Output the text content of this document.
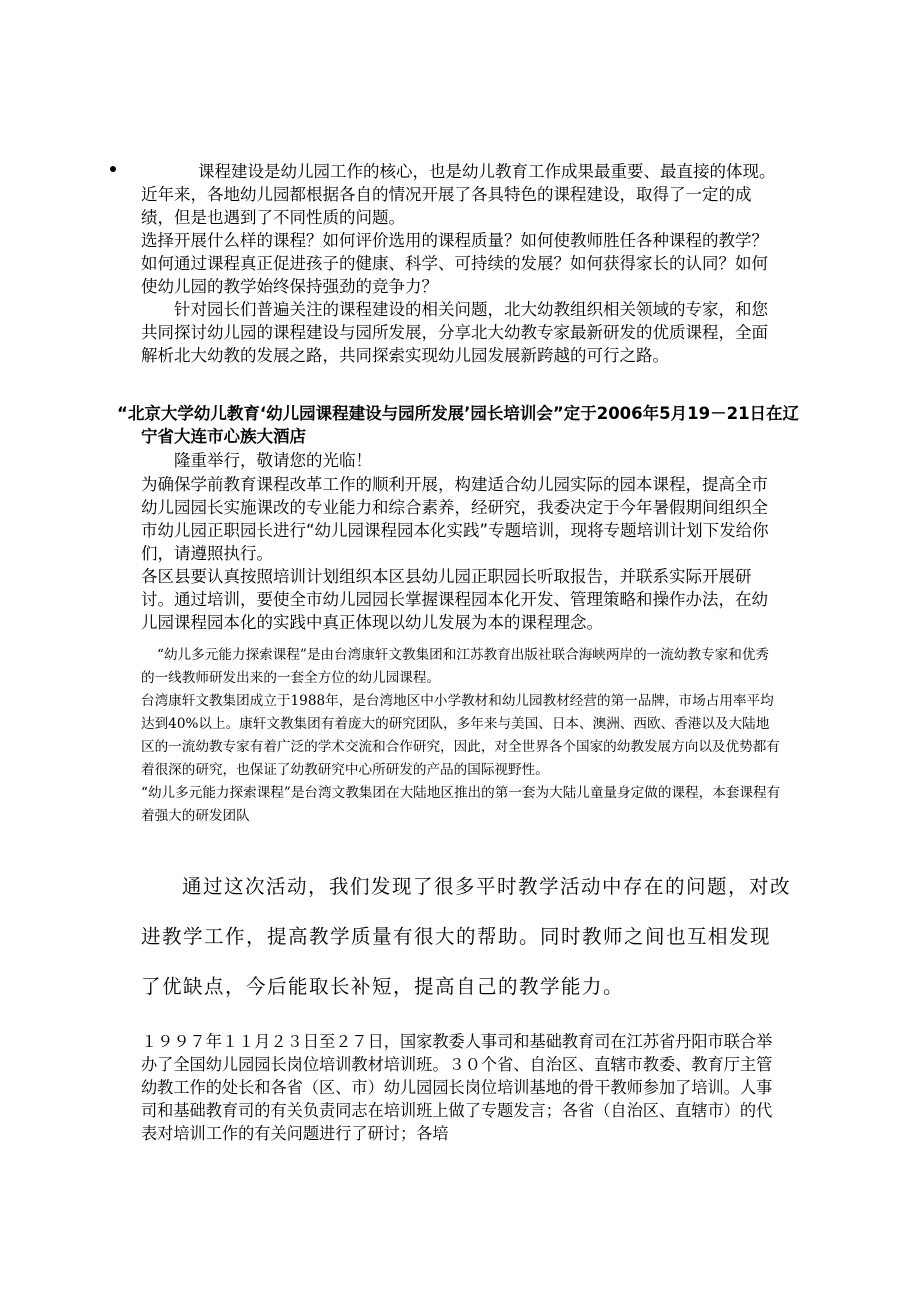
课程建设是幼儿园工作的核心，也是幼儿教育工作成果最重要、最直接的体现。近年来，各地幼儿园都根据各自的情况开展了各具特色的课程建设，取得了一定的成绩，但是也遇到了不同性质的问题。

选择开展什么样的课程？如何评价选用的课程质量？如何使教师胜任各种课程的教学？如何通过课程真正促进孩子的健康、科学、可持续的发展？如何获得家长的认同？如何使幼儿园的教学始终保持强劲的竞争力？

针对园长们普遍关注的课程建设的相关问题，北大幼教组织相关领域的专家，和您共同探讨幼儿园的课程建设与园所发展，分享北大幼教专家最新研发的优质课程，全面解析北大幼教的发展之路，共同探索实现幼儿园发展新跨越的可行之路。

“北京大学幼儿教育‘幼儿园课程建设与园所发展’园长培训会”定于2006年5月19－21日在辽宁省大连市心族大酒店
隆重举行，敬请您的光临！

为确保学前教育课程改革工作的顺利开展，构建适合幼儿园实际的园本课程，提高全市幼儿园园长实施课改的专业能力和综合素养，经研究，我委决定于今年暑假期间组织全市幼儿园正职园长进行“幼儿园课程园本化实践”专题培训，现将专题培训计划下发给你们，请遵照执行。

各区县要认真按照培训计划组织本区县幼儿园正职园长听取报告，并联系实际开展研讨。通过培训，要使全市幼儿园园长掌握课程园本化开发、管理策略和操作办法，在幼儿园课程园本化的实践中真正体现以幼儿发展为本的课程理念。

“幼儿多元能力探索课程”是由台湾康轩文教集团和江苏教育出版社联合海峡两岸的一流幼教专家和优秀的一线教师研发出来的一套全方位的幼儿园课程。

台湾康轩文教集团成立于1988年，是台湾地区中小学教材和幼儿园教材经营的第一品牌，市场占用率平均达到40%以上。康轩文教集团有着庞大的研究团队，多年来与美国、日本、澳洲、西欧、香港以及大陆地区的一流幼教专家有着广泛的学术交流和合作研究，因此，对全世界各个国家的幼教发展方向以及优势都有着很深的研究，也保证了幼教研究中心所研发的产品的国际视野性。

“幼儿多元能力探索课程”是台湾文教集团在大陆地区推出的第一套为大陆儿童量身定做的课程，本套课程有着强大的研发团队

通过这次活动，我们发现了很多平时教学活动中存在的问题，对改进教学工作，提高教学质量有很大的帮助。同时教师之间也互相发现了优缺点，今后能取长补短，提高自己的教学能力。

１９９７年１１月２３日至２７日，国家教委人事司和基础教育司在江苏省丹阳市联合举办了全国幼儿园园长岗位培训教材培训班。３０个省、自治区、直辖市教委、教育厅主管幼教工作的处长和各省（区、市）幼儿园园长岗位培训基地的骨干教师参加了培训。人事司和基础教育司的有关负责同志在培训班上做了专题发言；各省（自治区、直辖市）的代表对培训工作的有关问题进行了研讨；各培
